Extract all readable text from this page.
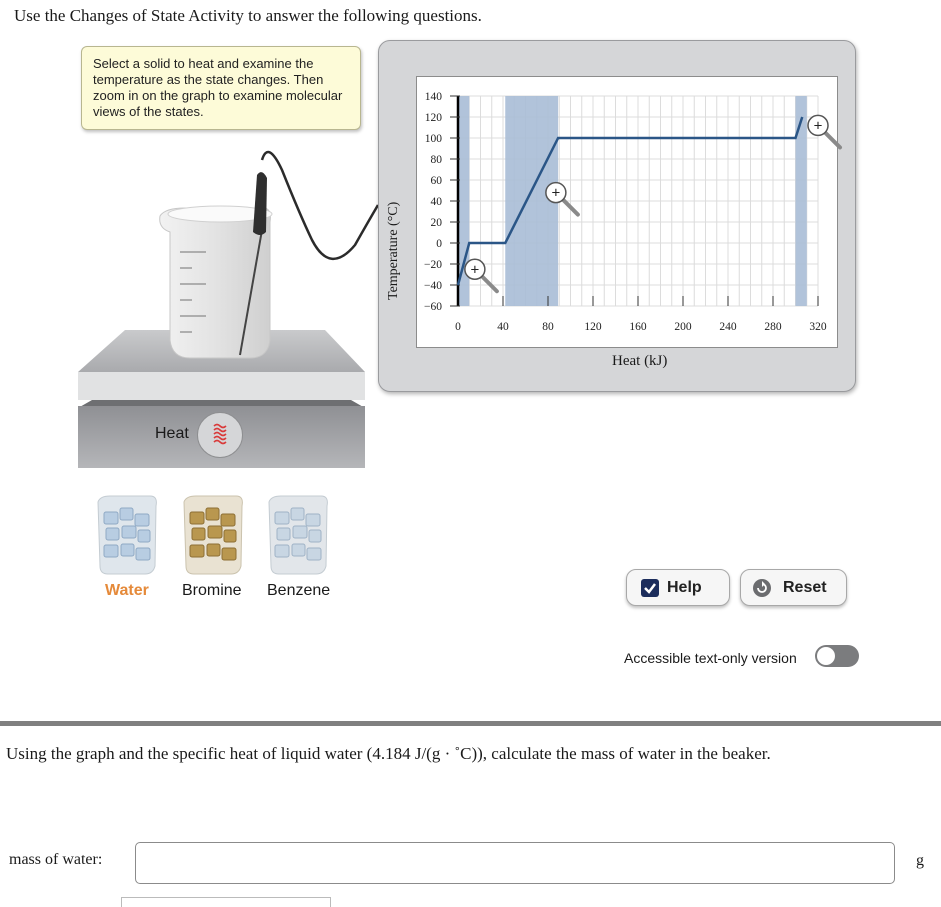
Use the Changes of State Activity to answer the following questions.
Select a solid to heat and examine the temperature as the state changes. Then zoom in on the graph to examine molecular views of the states.
−60
−40
−20
0
20
40
60
80
100
120
140
0	40	80	120 160 200 240 280 320
+
+
+
Temperature (°C)
Heat (kJ)
Heat
Water Bromine Benzene	Help	Reset
Accessible text-only version
Using the graph and the specific heat of liquid water (4.184 J/(g · ˚C)), calculate the mass of water in the beaker.
mass of water:	g
